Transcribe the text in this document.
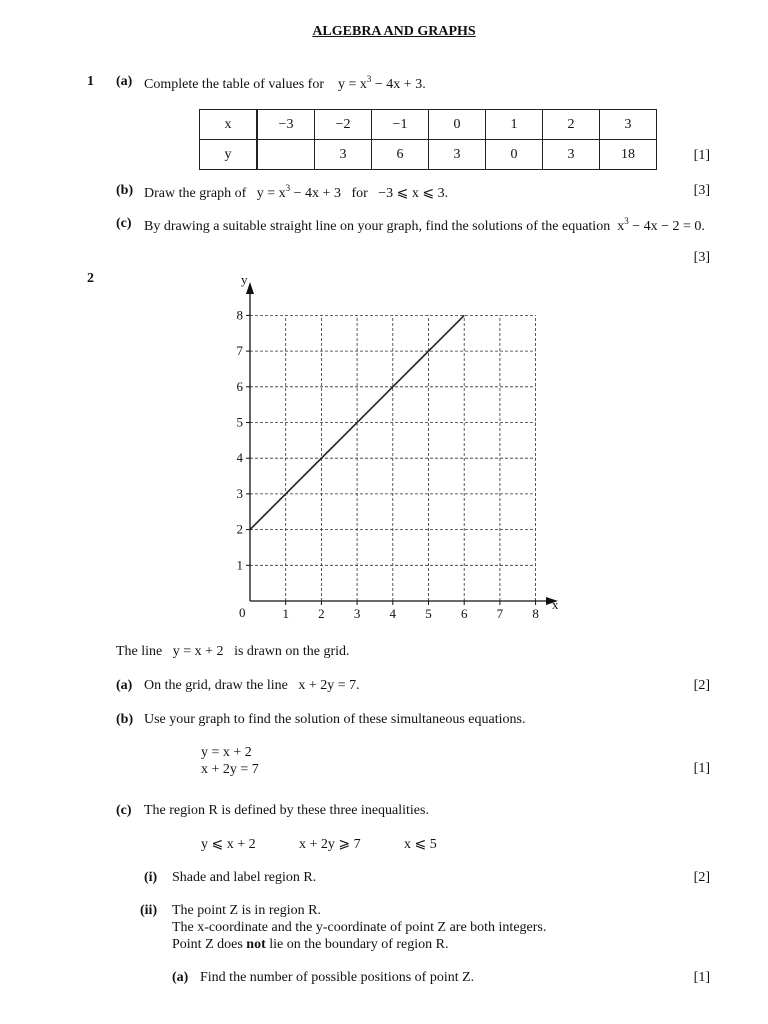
ALGEBRA AND GRAPHS
1 (a) Complete the table of values for $y = x^3 - 4x + 3$.
x	−3	−2	−1	0	1	2	3
y		3	6	3	0	3	18	[1]
(b) Draw the graph of $y = x^3 - 4x + 3$ for −3 ⩽ x ⩽ 3.	[3]
(c) By drawing a suitable straight line on your graph, find the solutions of the equation $x^3 - 4x - 2 = 0$.
[3]
2
x
y
0	1 2 3 4 5 6 7 8
1
2
3
4
5
6
7
8
The line y = x + 2 is drawn on the grid.
(a) On the grid, draw the line x + 2y = 7.	[2]
(b) Use your graph to find the solution of these simultaneous equations.
y = x + 2
x + 2y = 7	[1]
(c) The region R is defined by these three inequalities.
y ⩽ x + 2	x + 2y ⩾ 7	x ⩽ 5
(i) Shade and label region R.	[2]
(ii) The point Z is in region R.
The x-coordinate and the y-coordinate of point Z are both integers.
Point Z does not lie on the boundary of region R.
(a) Find the number of possible positions of point Z.	[1]
